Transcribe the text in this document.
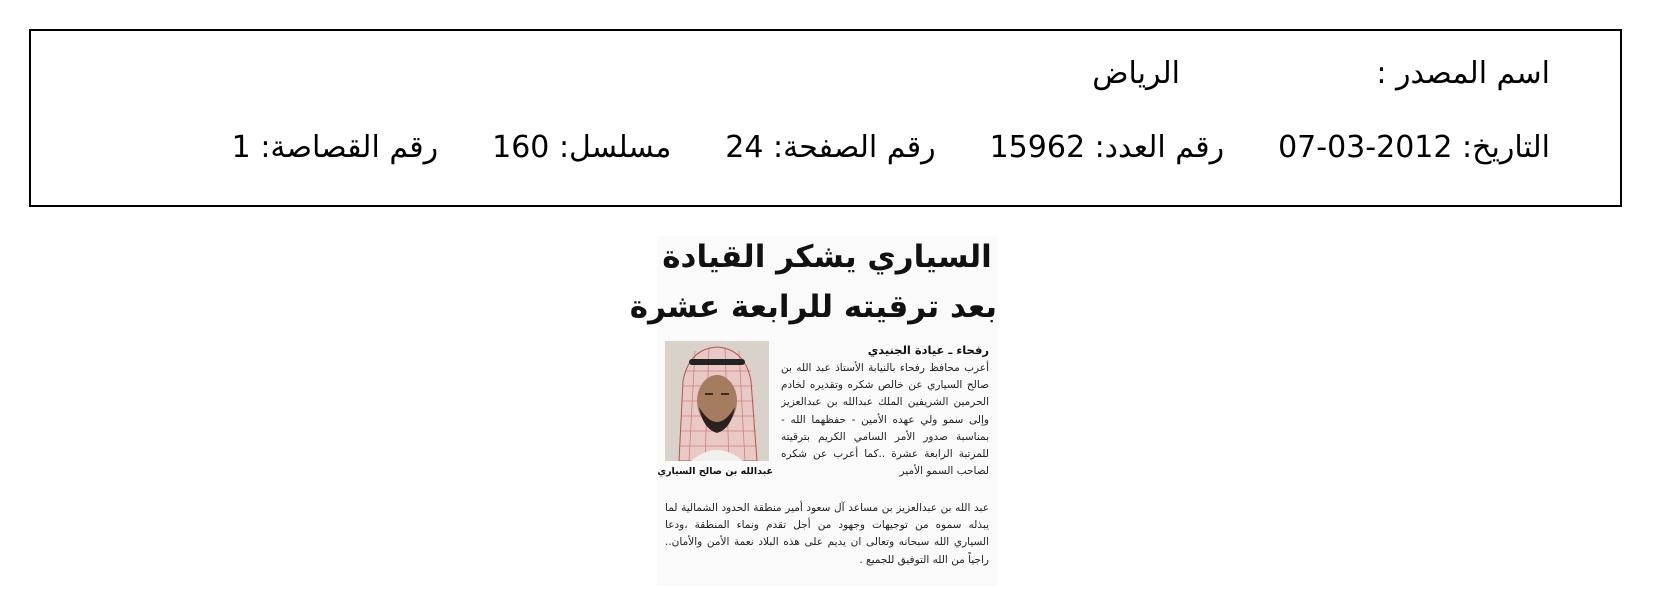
اسم المصدر :
الرياض
التاريخ: 2012-03-07
رقم العدد: 15962
رقم الصفحة: 24
مسلسل: 160
رقم القصاصة: 1
السياري يشكر القيادة
بعد ترقيته للرابعة عشرة
رفحاء ـ عيادة الجنيدي
عبدالله بن صالح السياري
أعرب محافظ رفحاء بالنيابة الأستاذ عبد الله بن صالح السياري عن خالص شكره وتقديره لخادم الحرمين الشريفين الملك عبدالله بن عبدالعزيز وإلى سمو ولي عهده الأمين - حفظهما الله - بمناسبة صدور الأمر السامي الكريم بترقيته للمرتبة الرابعة عشرة ..كما أعرب عن شكره لصاحب السمو الأمير
عبد الله بن عبدالعزيز بن مساعد آل سعود أمير منطقة الحدود الشمالية لما يبذله سموه من توجيهات وجهود من أجل تقدم ونماء المنطقة ،ودعا السياري الله سبحانه وتعالى ان يديم على هذه البلاد نعمة الأمن والأمان.. راجياً من الله التوفيق للجميع .
